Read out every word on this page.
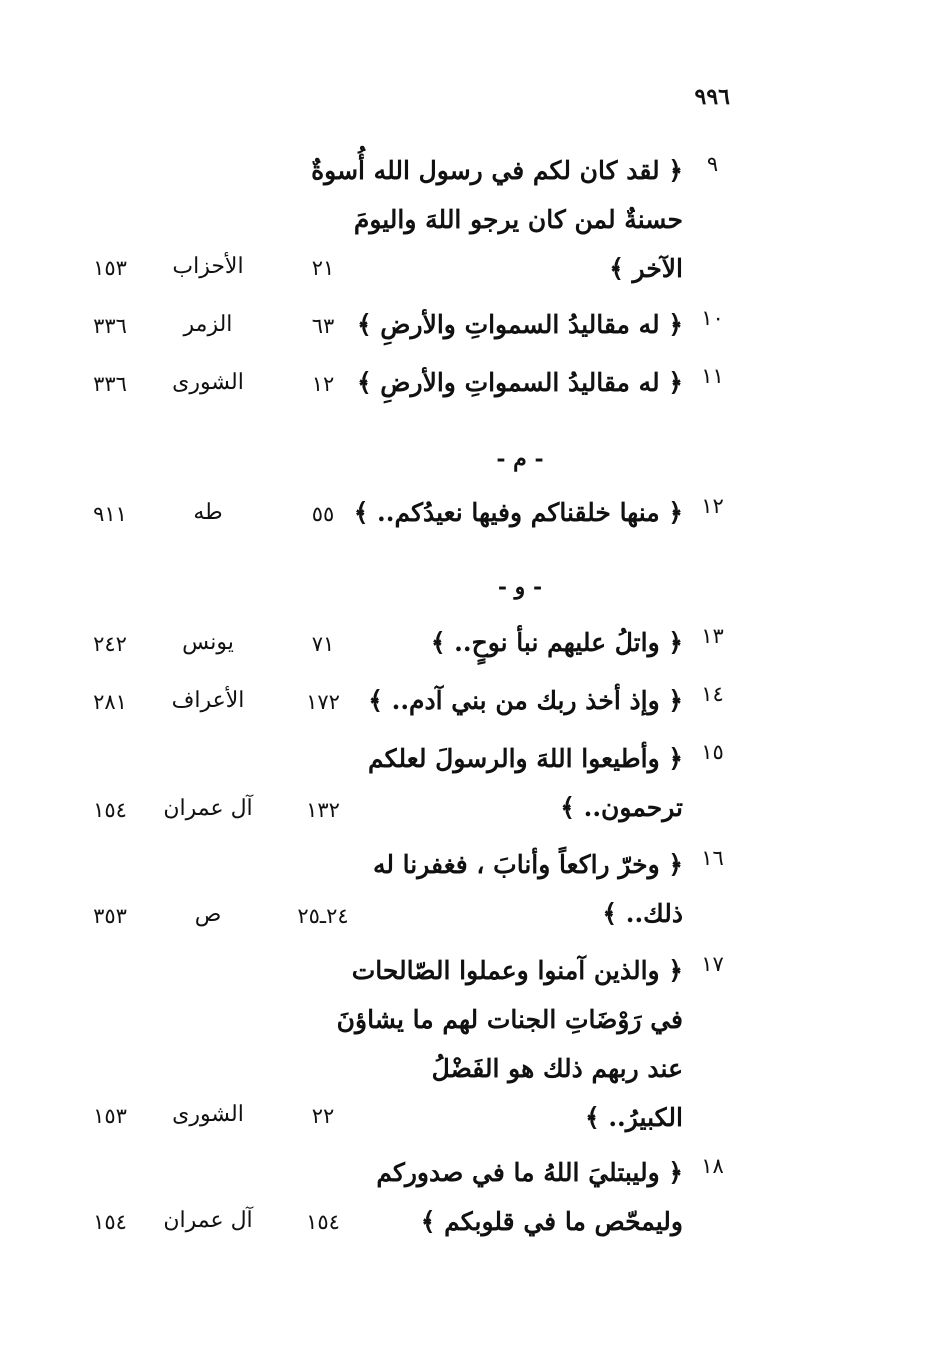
٩٩٦
٩
﴿ لقد كان لكم في رسول الله أُسوةٌ
حسنةٌ لمن كان يرجو اللهَ واليومَ
الآخر ﴾
٢١
الأحزاب
١٥٣
١٠
﴿ له مقاليدُ السمواتِ والأرضِ ﴾
٦٣
الزمر
٣٣٦
١١
﴿ له مقاليدُ السمواتِ والأرضِ ﴾
١٢
الشورى
٣٣٦
- م -
١٢
﴿ منها خلقناكم وفيها نعيدُكم.. ﴾
٥٥
طه
٩١١
- و -
١٣
﴿ واتلُ عليهم نبأ نوحٍ.. ﴾
٧١
يونس
٢٤٢
١٤
﴿ وإذ أخذ ربك من بني آدم.. ﴾
١٧٢
الأعراف
٢٨١
١٥
﴿ وأطيعوا اللهَ والرسولَ لعلكم
ترحمون.. ﴾
١٣٢
آل عمران
١٥٤
١٦
﴿ وخرّ راكعاً وأنابَ ، فغفرنا له
ذلك.. ﴾
٢٤ـ٢٥
ص
٣٥٣
١٧
﴿ والذين آمنوا وعملوا الصّالحات
في رَوْضَاتِ الجنات لهم ما يشاؤنَ
عند ربهم ذلك هو الفَضْلُ
الكبيرُ.. ﴾
٢٢
الشورى
١٥٣
١٨
﴿ وليبتليَ اللهُ ما في صدوركم
وليمحّص ما في قلوبكم ﴾
١٥٤
آل عمران
١٥٤
